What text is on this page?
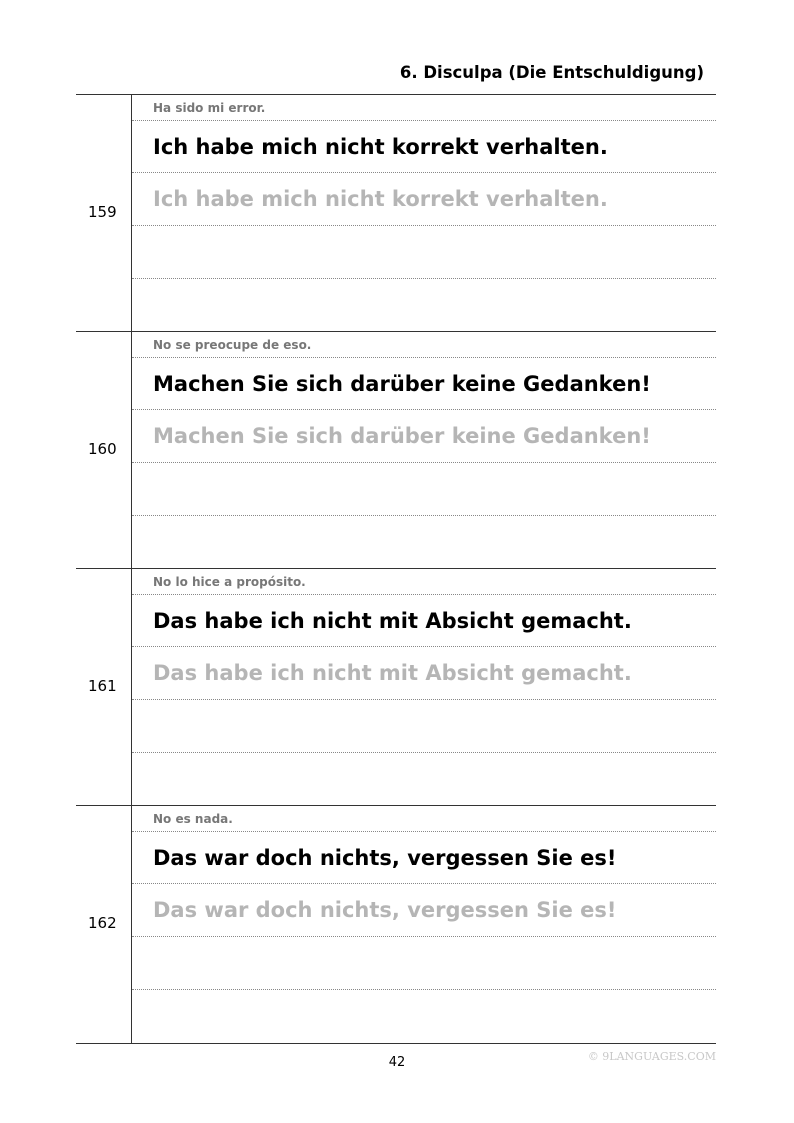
6. Disculpa (Die Entschuldigung)
159
Ha sido mi error.
Ich habe mich nicht korrekt verhalten.
Ich habe mich nicht korrekt verhalten.
160
No se preocupe de eso.
Machen Sie sich darüber keine Gedanken!
Machen Sie sich darüber keine Gedanken!
161
No lo hice a propósito.
Das habe ich nicht mit Absicht gemacht.
Das habe ich nicht mit Absicht gemacht.
162
No es nada.
Das war doch nichts, vergessen Sie es!
Das war doch nichts, vergessen Sie es!
42	© 9LANGUAGES.COM
